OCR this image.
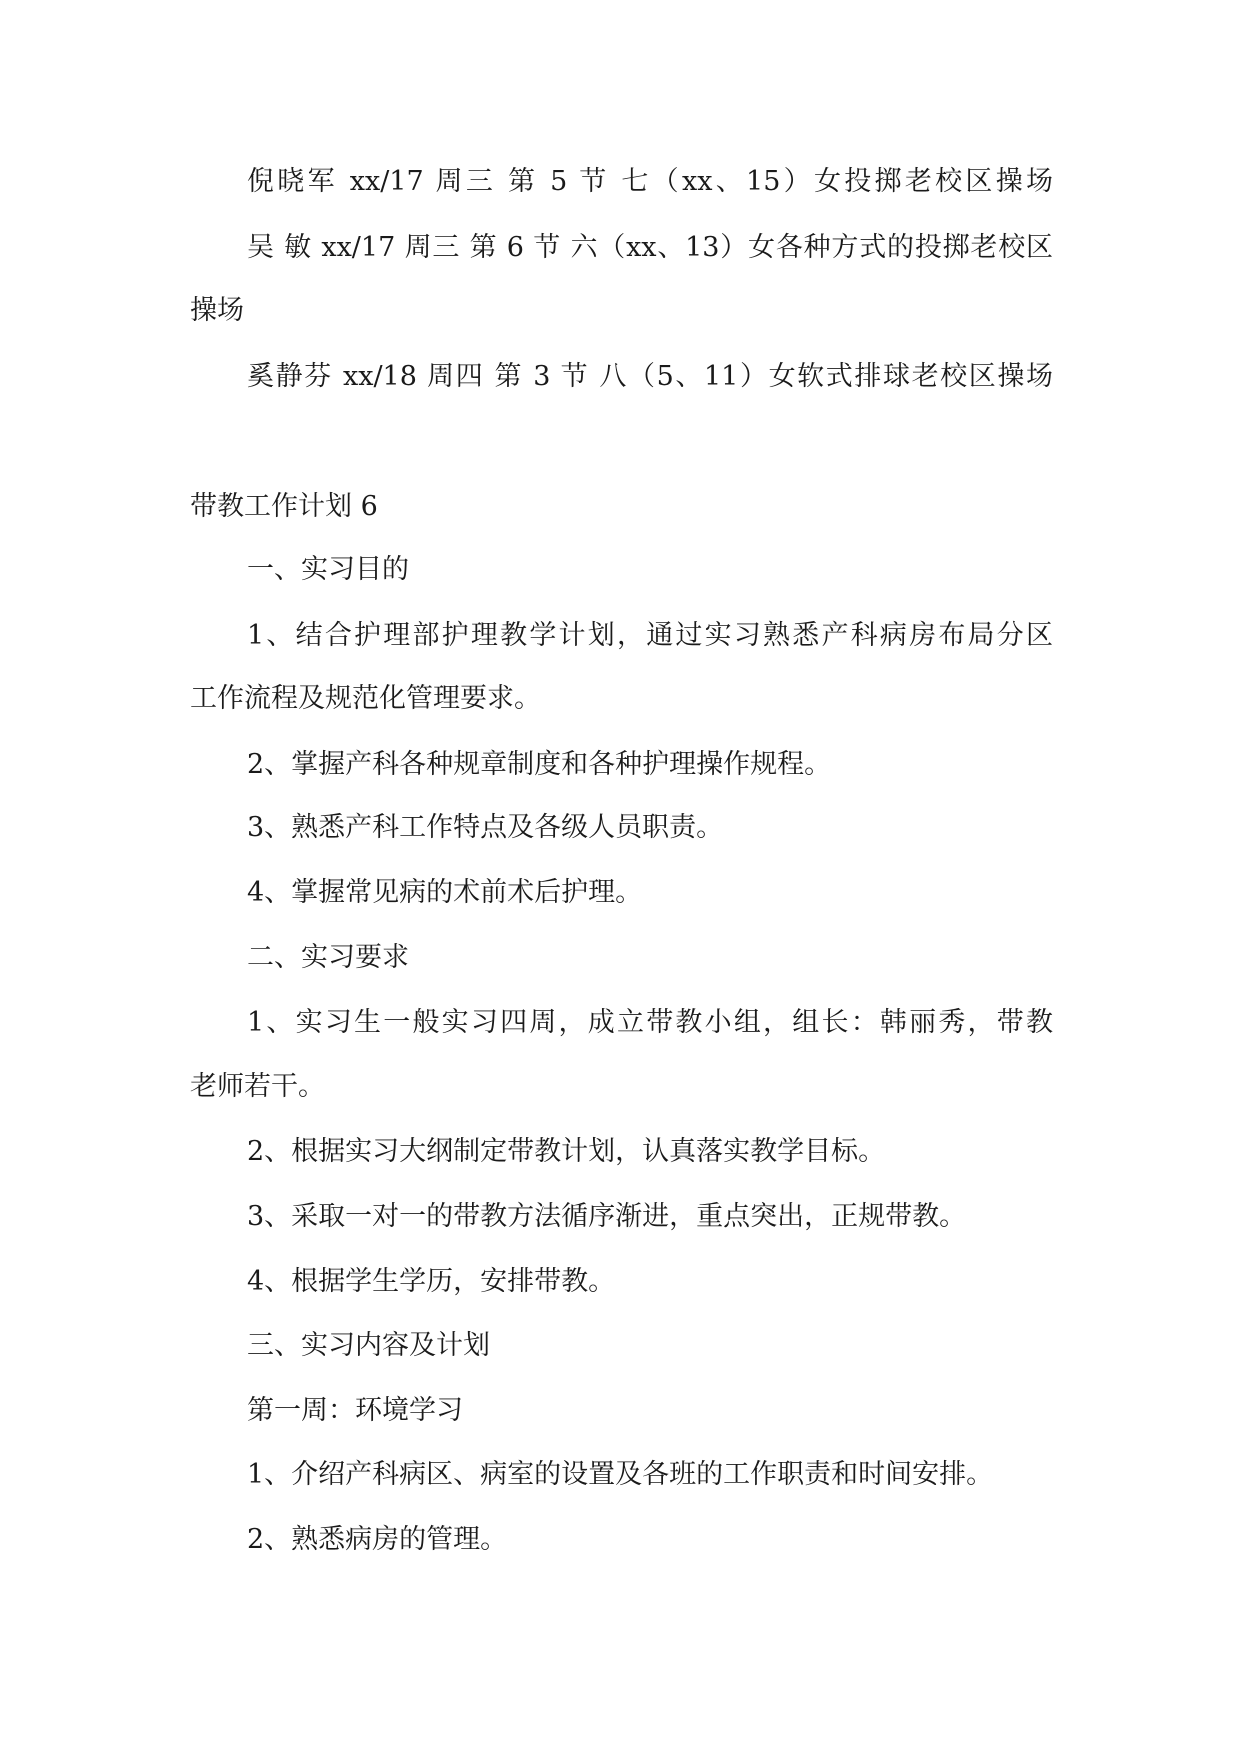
倪晓军 xx/17 周三 第 5 节 七（xx、15）女投掷老校区操场
吴 敏 xx/17 周三 第 6 节 六（xx、13）女各种方式的投掷老校区
操场
奚静芬 xx/18 周四 第 3 节 八（5、11）女软式排球老校区操场
带教工作计划 6
一、实习目的
1、结合护理部护理教学计划，通过实习熟悉产科病房布局分区
工作流程及规范化管理要求。
2、掌握产科各种规章制度和各种护理操作规程。
3、熟悉产科工作特点及各级人员职责。
4、掌握常见病的术前术后护理。
二、实习要求
1、实习生一般实习四周，成立带教小组，组长：韩丽秀，带教
老师若干。
2、根据实习大纲制定带教计划，认真落实教学目标。
3、采取一对一的带教方法循序渐进，重点突出，正规带教。
4、根据学生学历，安排带教。
三、实习内容及计划
第一周：环境学习
1、介绍产科病区、病室的设置及各班的工作职责和时间安排。
2、熟悉病房的管理。
